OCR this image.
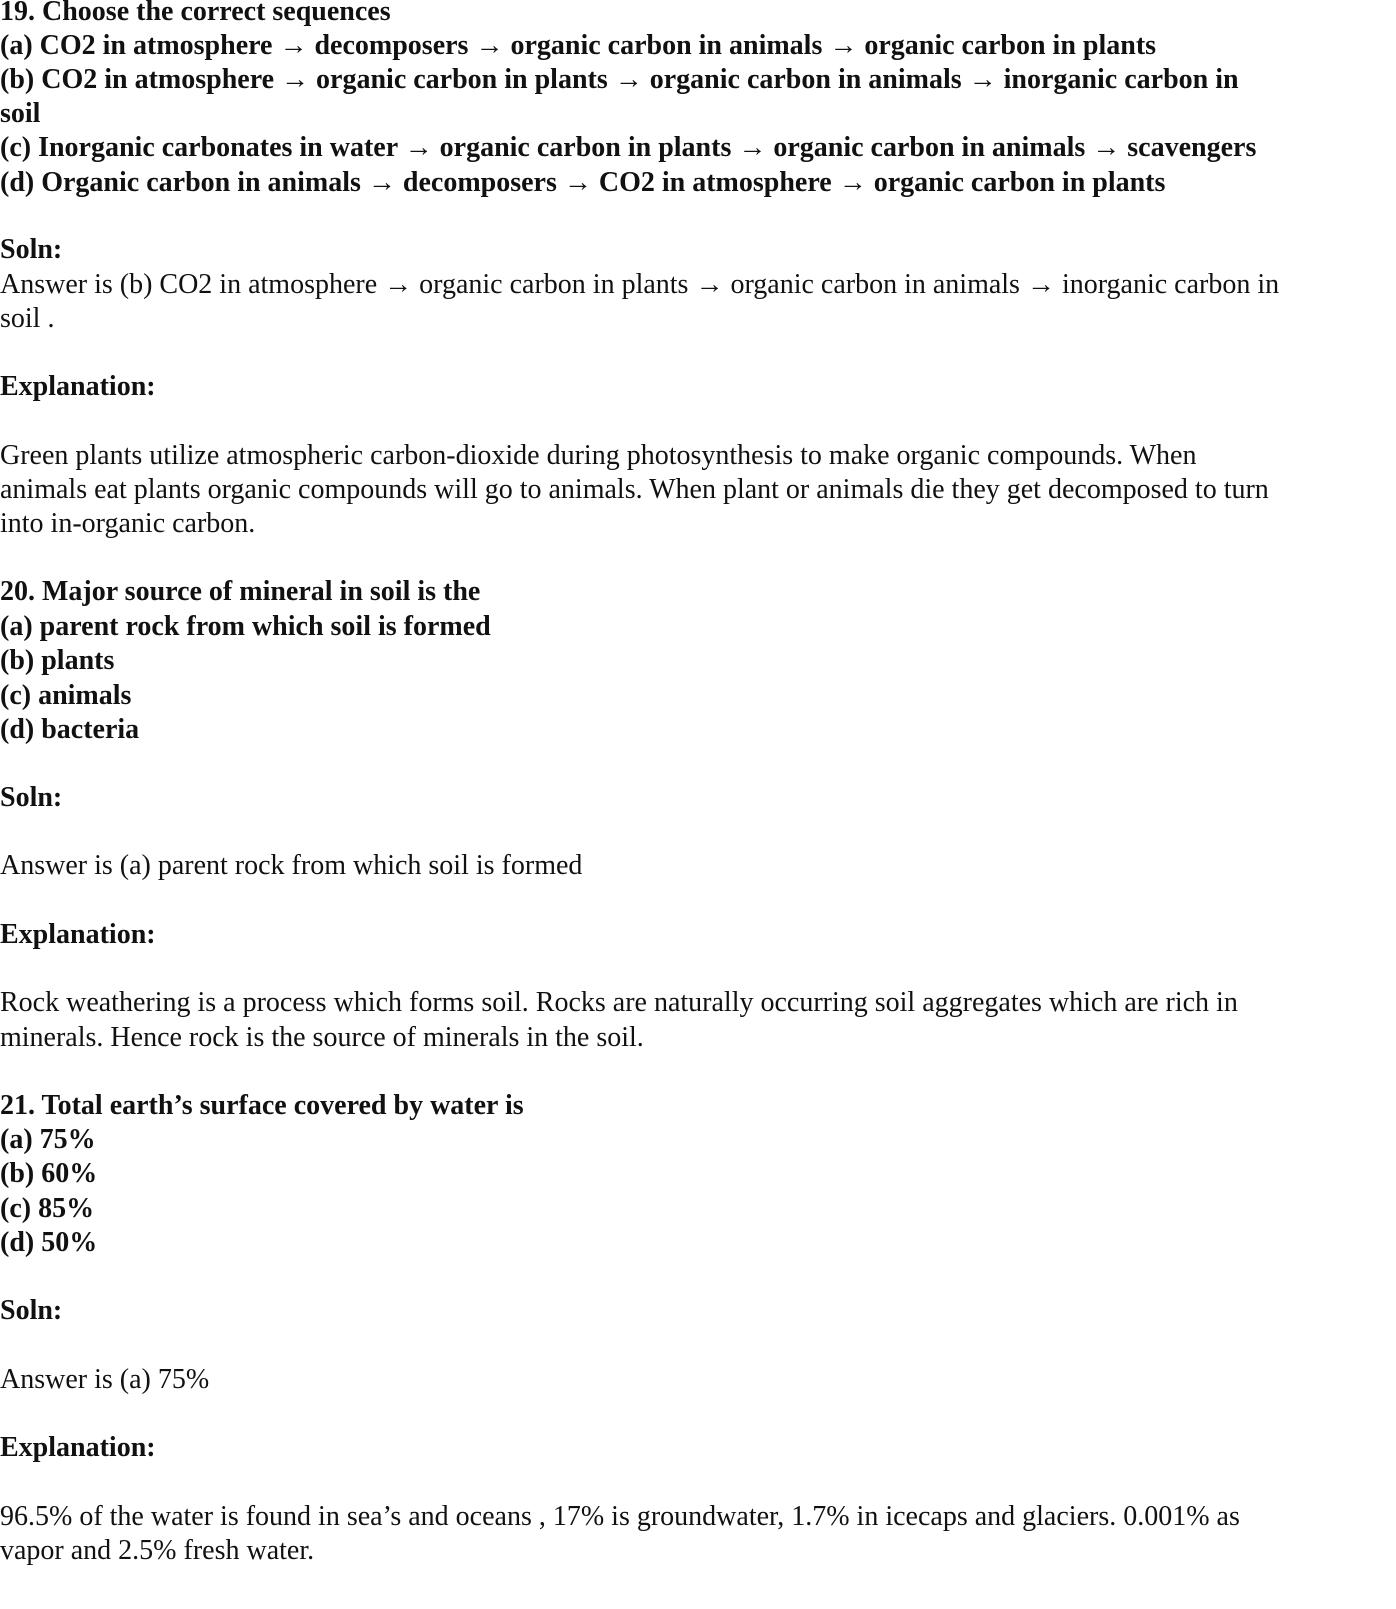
19. Choose the correct sequences
(a) CO2 in atmosphere → decomposers → organic carbon in animals → organic carbon in plants
(b) CO2 in atmosphere → organic carbon in plants → organic carbon in animals → inorganic carbon in
soil
(c) Inorganic carbonates in water → organic carbon in plants → organic carbon in animals → scavengers
(d) Organic carbon in animals → decomposers → CO2 in atmosphere → organic carbon in plants
Soln:
Answer is (b) CO2 in atmosphere → organic carbon in plants → organic carbon in animals → inorganic carbon in
soil .
Explanation:
Green plants utilize atmospheric carbon-dioxide during photosynthesis to make organic compounds. When
animals eat plants organic compounds will go to animals. When plant or animals die they get decomposed to turn
into in-organic carbon.
20. Major source of mineral in soil is the
(a) parent rock from which soil is formed
(b) plants
(c) animals
(d) bacteria
Soln:
Answer is (a) parent rock from which soil is formed
Explanation:
Rock weathering is a process which forms soil. Rocks are naturally occurring soil aggregates which are rich in
minerals. Hence rock is the source of minerals in the soil.
21. Total earth’s surface covered by water is
(a) 75%
(b) 60%
(c) 85%
(d) 50%
Soln:
Answer is (a) 75%
Explanation:
96.5% of the water is found in sea’s and oceans , 17% is groundwater, 1.7% in icecaps and glaciers. 0.001% as
vapor and 2.5% fresh water.
